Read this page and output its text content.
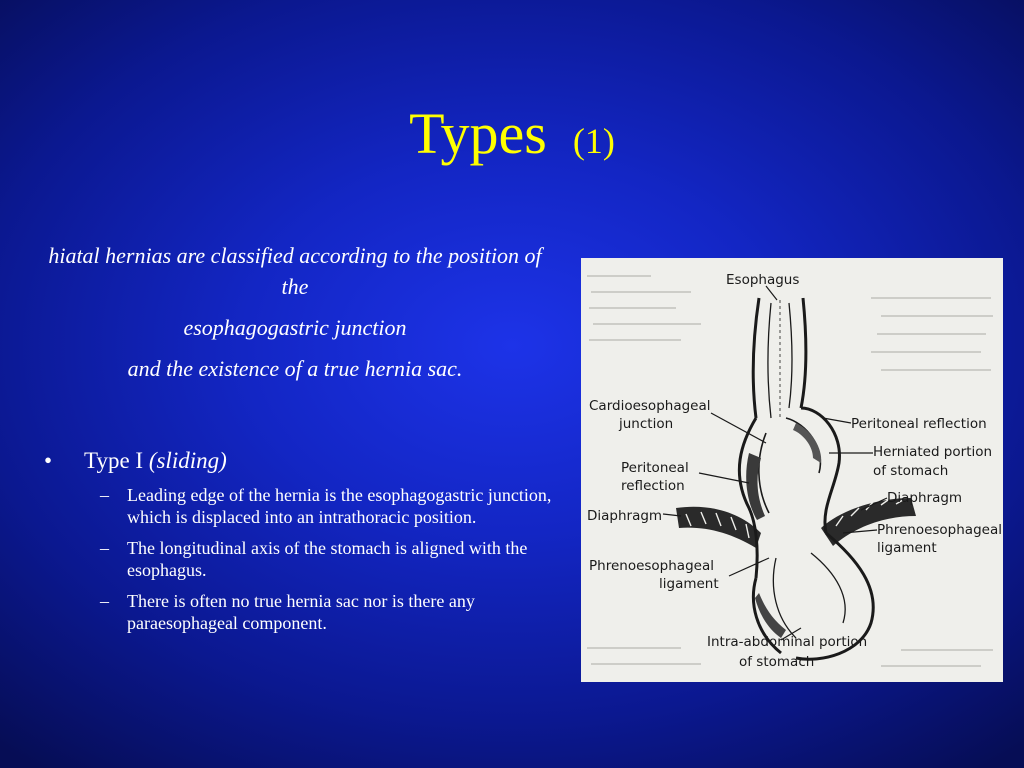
Types (1)

hiatal hernias are classified according to the position of the

esophagogastric junction

and the existence of a true hernia sac.

• Type I (sliding)
– Leading edge of the hernia is the esophagogastric junction, which is displaced into an intrathoracic position.
– The longitudinal axis of the stomach is aligned with the esophagus.
– There is often no true hernia sac nor is there any paraesophageal component.
Esophagus
Cardioesophageal
junction	Peritoneal reflection
Herniated portion
of stomach
Peritoneal
reflection
Diaphragm
Diaphragm
Phrenoesophageal
ligament
Phrenoesophageal
ligament
Intra-abdominal portion
of stomach
